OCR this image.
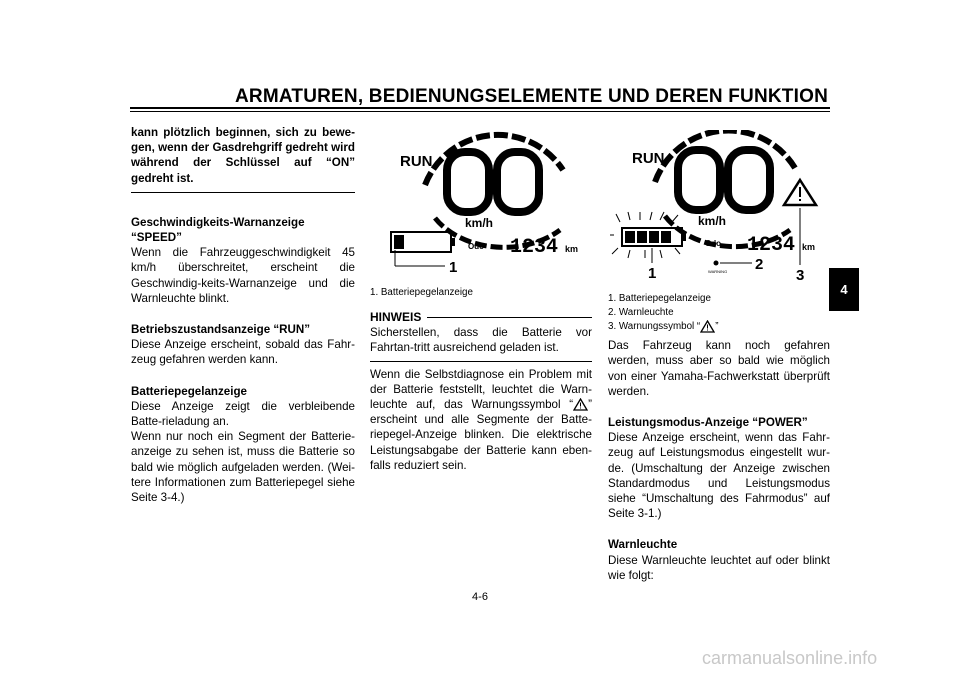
ARMATUREN, BEDIENUNGSELEMENTE UND DEREN FUNKTION
kann plötzlich beginnen, sich zu bewe-gen, wenn der Gasdrehgriff gedreht wird während der Schlüssel auf “ON” gedreht ist.
Geschwindigkeits-Warnanzeige
“SPEED”
Wenn die Fahrzeuggeschwindigkeit 45 km/h überschreitet, erscheint die Geschwindig-keits-Warnanzeige und die Warnleuchte blinkt.
Betriebszustandsanzeige “RUN”
Diese Anzeige erscheint, sobald das Fahr-zeug gefahren werden kann.
Batteriepegelanzeige
Diese Anzeige zeigt die verbleibende Batte-rieladung an.
Wenn nur noch ein Segment der Batterie-anzeige zu sehen ist, muss die Batterie so bald wie möglich aufgeladen werden. (Wei-tere Informationen zum Batteriepegel siehe Seite 3-4.)
RUN
km/h
Odo 1234 km
1
1. Batteriepegelanzeige
HINWEIS
Sicherstellen, dass die Batterie vor Fahrtan-tritt ausreichend geladen ist.
Wenn die Selbstdiagnose ein Problem mit der Batterie feststellt, leuchtet die Warn-leuchte auf, das Warnungssymbol “ ” erscheint und alle Segmente der Batte-riepegel-Anzeige blinken. Die elektrische Leistungsabgabe der Batterie kann eben-falls reduziert sein.
RUN
km/h
Odo 1234 km
WARNING
1
2
3
1. Batteriepegelanzeige
2. Warnleuchte
3. Warnungssymbol “ ”
Das Fahrzeug kann noch gefahren werden, muss aber so bald wie möglich von einer Yamaha-Fachwerkstatt überprüft werden.
Leistungsmodus-Anzeige “POWER”
Diese Anzeige erscheint, wenn das Fahr-zeug auf Leistungsmodus eingestellt wur-de. (Umschaltung der Anzeige zwischen Standardmodus und Leistungsmodus siehe “Umschaltung des Fahrmodus” auf Seite 3-1.)
Warnleuchte
Diese Warnleuchte leuchtet auf oder blinkt wie folgt:
4
4-6
carmanualsonline.info
